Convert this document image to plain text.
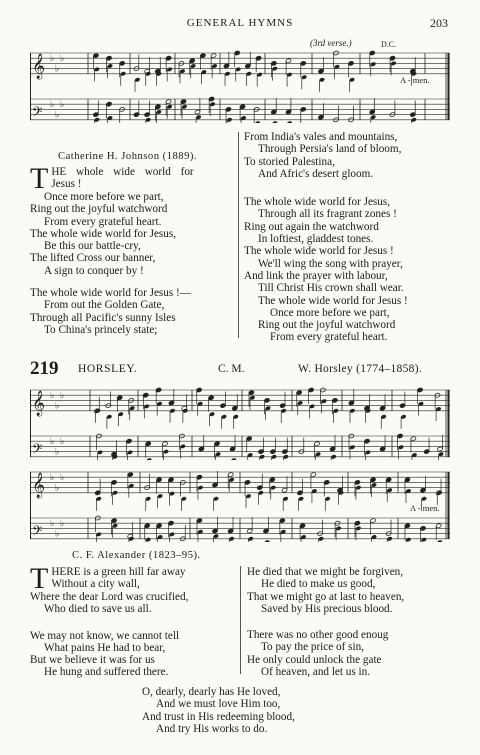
GENERAL HYMNS	203
(3rd verse.)	D.C.
𝄞 ♭
♭
♭
𝄢 ♭
♭
♭
A - men.
Catherine H. Johnson (1889).
T HE whole wide world for
Jesus !
Once more before we part,
Ring out the joyful watchword
From every grateful heart.
The whole wide world for Jesus,
Be this our battle-cry,
The lifted Cross our banner,
A sign to conquer by !
The whole wide world for Jesus !—
From out the Golden Gate,
Through all Pacific's sunny Isles
To China's princely state;
From India's vales and mountains,
Through Persia's land of bloom,
To storied Palestina,
And Afric's desert gloom.
The whole wide world for Jesus,
Through all its fragrant zones !
Ring out again the watchword
In loftiest, gladdest tones.
The whole wide world for Jesus !
We'll wing the song with prayer,
And link the prayer with labour,
Till Christ His crown shall wear.
The whole wide world for Jesus !
Once more before we part,
Ring out the joyful watchword
From every grateful heart.
219 HORSLEY.	C. M.	W. Horsley (1774–1858).
𝄞 ♭
♭
♭
𝄢 ♭
♭
♭
𝄞 ♭
♭
♭
𝄢 ♭
♭
♭
A - men.
C. F. Alexander (1823–95).
T HERE is a green hill far away
Without a city wall,
Where the dear Lord was crucified,
Who died to save us all.
We may not know, we cannot tell
What pains He had to bear,
But we believe it was for us
He hung and suffered there.
He died that we might be forgiven,
He died to make us good,
That we might go at last to heaven,
Saved by His precious blood.
There was no other good enoug
To pay the price of sin,
He only could unlock the gate
Of heaven, and let us in.
O, dearly, dearly has He loved,
And we must love Him too,
And trust in His redeeming blood,
And try His works to do.
